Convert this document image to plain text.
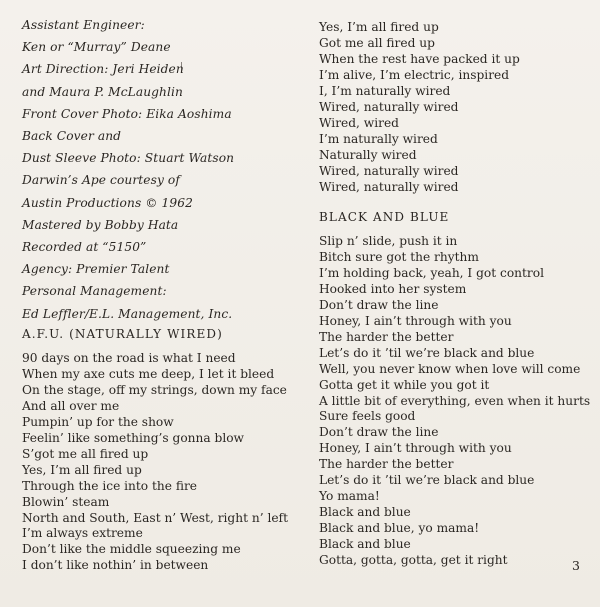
Assistant Engineer:
Ken or “Murray” Deane
Art Direction: Jeri Heiden
and Maura P. McLaughlin
Front Cover Photo: Eika Aoshima
Back Cover and
Dust Sleeve Photo: Stuart Watson
Darwin’s Ape courtesy of
Austin Productions © 1962
Mastered by Bobby Hata
Recorded at “5150”
Agency: Premier Talent
Personal Management:
Ed Leffler/E.L. Management, Inc.
A.F.U. (NATURALLY WIRED)
90 days on the road is what I need
When my axe cuts me deep, I let it bleed
On the stage, off my strings, down my face
And all over me
Pumpin’ up for the show
Feelin’ like something’s gonna blow
S’got me all fired up
Yes, I’m all fired up
Through the ice into the fire
Blowin’ steam
North and South, East n’ West, right n’ left
I’m always extreme
Don’t like the middle squeezing me
I don’t like nothin’ in between
Yes, I’m all fired up
Got me all fired up
When the rest have packed it up
I’m alive, I’m electric, inspired
I, I’m naturally wired
Wired, naturally wired
Wired, wired
I’m naturally wired
Naturally wired
Wired, naturally wired
Wired, naturally wired
BLACK AND BLUE
Slip n’ slide, push it in
Bitch sure got the rhythm
I’m holding back, yeah, I got control
Hooked into her system
Don’t draw the line
Honey, I ain’t through with you
The harder the better
Let’s do it ’til we’re black and blue
Well, you never know when love will come
Gotta get it while you got it
A little bit of everything, even when it hurts
Sure feels good
Don’t draw the line
Honey, I ain’t through with you
The harder the better
Let’s do it ’til we’re black and blue
Yo mama!
Black and blue
Black and blue, yo mama!
Black and blue
Gotta, gotta, gotta, get it right	3
